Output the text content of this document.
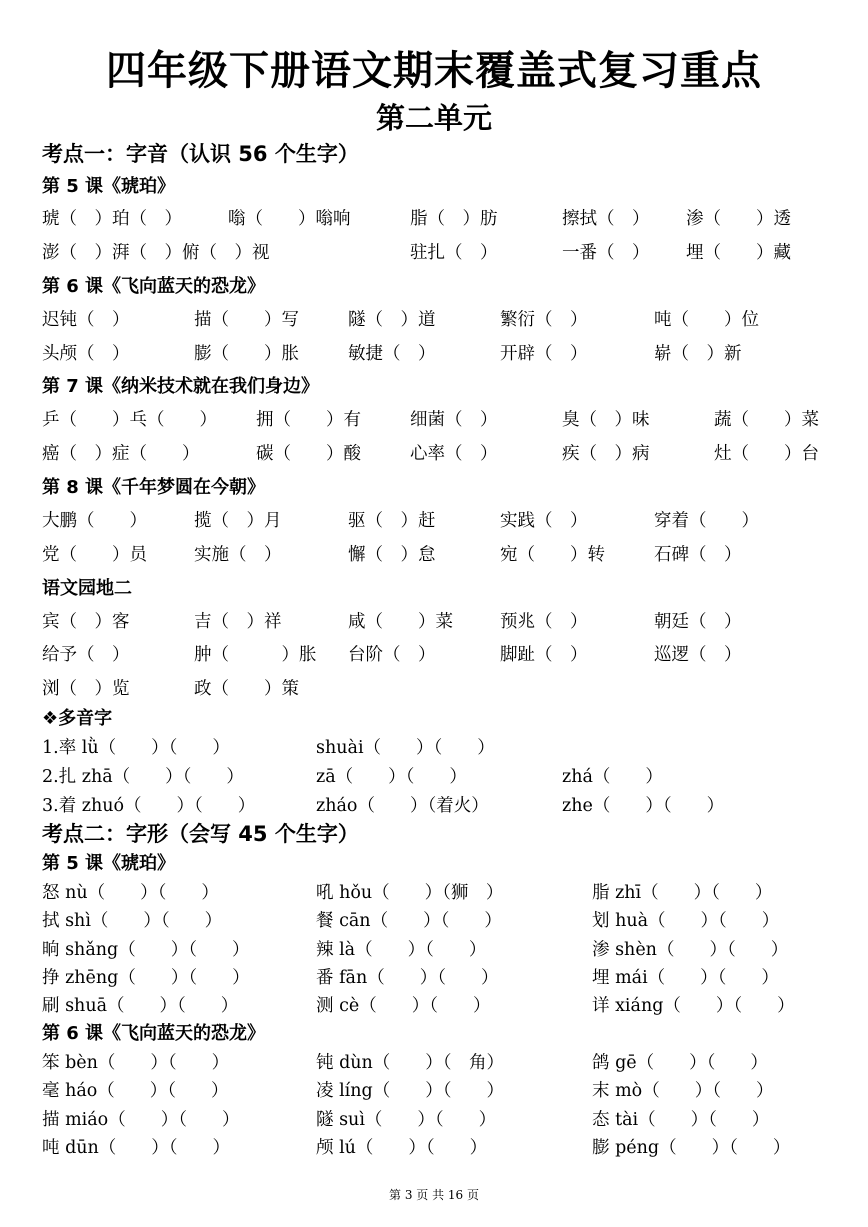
四年级下册语文期末覆盖式复习重点
第二单元
考点一：字音（认识 56 个生字）
第 5 课《琥珀》
琥（　）珀（　）	嗡（　　）嗡响	脂（　）肪	擦拭（　） 渗（　　）透
澎（　）湃（　）俯（　）视	驻扎（　）	一番（　） 埋（　　）藏
第 6 课《飞向蓝天的恐龙》
迟钝（　）	描（　　）写	隧（　）道	繁衍（　）	吨（　　）位
头颅（　）	膨（　　）胀	敏捷（　）	开辟（　）	崭（　）新
第 7 课《纳米技术就在我们身边》
乒（　　）乓（　　） 拥（　　）有	细菌（　）	臭（　）味	蔬（　　）菜
癌（　）症（　　）	碳（　　）酸	心率（　）	疾（　）病	灶（　　）台
第 8 课《千年梦圆在今朝》
大鹏（　　）	揽（　）月	驱（　）赶	实践（　）	穿着（　　）
党（　　）员	实施（　）	懈（　）怠	宛（　　）转	石碑（　）
语文园地二
宾（　）客	吉（　）祥	咸（　　）菜	预兆（　）	朝廷（　）
给予（　）	肿（　　　）胀 台阶（　）	脚趾（　）	巡逻（　）
浏（　）览	政（　　）策
❖多音字
1.率 lǜ（　　）（　　）	shuài（　　）（　　）
2.扎 zhā（　　）（　　）	zā（　　）（　　）	zhá（　　）
3.着 zhuó（　　）（　　）	zháo（　　）（着火）	zhe（　　）（　　）
考点二：字形（会写 45 个生字）
第 5 课《琥珀》
怒 nù（　　）（　　）	吼 hǒu（　　）（狮　）	脂 zhī（　　）（　　）
拭 shì（　　）（　　）	餐 cān（　　）（　　）	划 huà（　　）（　　）
晌 shǎng（　　）（　　）	辣 là（　　）（　　）	渗 shèn（　　）（　　）
挣 zhēng（　　）（　　）	番 fān（　　）（　　）	埋 mái（　　）（　　）
刷 shuā（　　）（　　）	测 cè（　　）（　　）	详 xiáng（　　）（　　）
第 6 课《飞向蓝天的恐龙》
笨 bèn（　　）（　　）	钝 dùn（　　）（　角）	鸽 gē（　　）（　　）
毫 háo（　　）（　　）	凌 líng（　　）（　　）	末 mò（　　）（　　）
描 miáo（　　）（　　）	隧 suì（　　）（　　）	态 tài（　　）（　　）
吨 dūn（　　）（　　）	颅 lú（　　）（　　）	膨 péng（　　）（　　）
第 3 页 共 16 页
